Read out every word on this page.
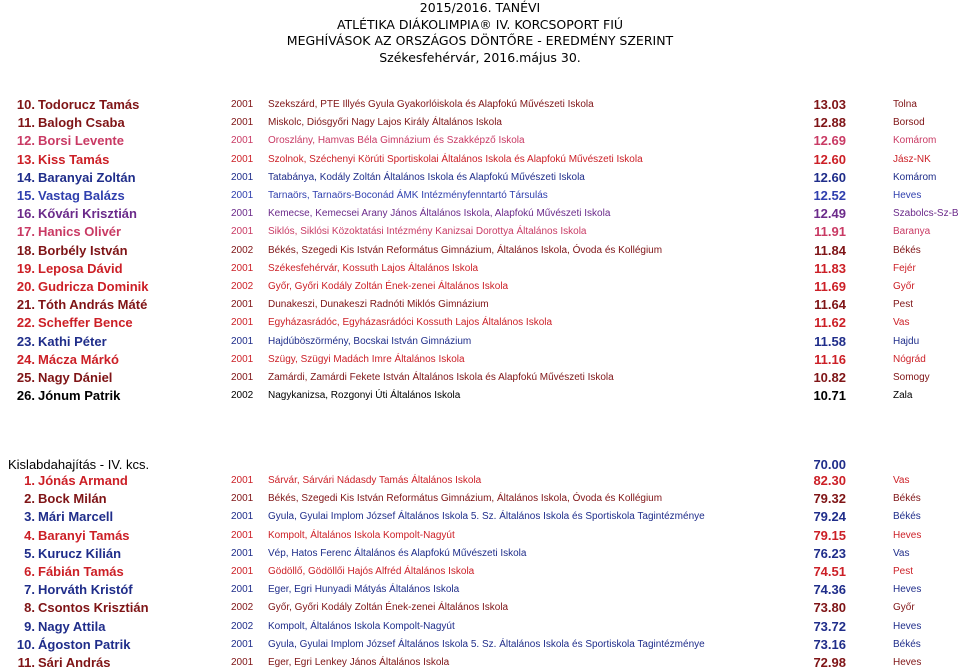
2015/2016. TANÉVI
ATLÉTIKA DIÁKOLIMPIA® IV. KORCSOPORT FIÚ
MEGHÍVÁSOK AZ ORSZÁGOS DÖNTŐRE - EREDMÉNY SZERINT
Székesfehérvár, 2016.május 30.
10. Todorucz Tamás	2001 Szekszárd, PTE Illyés Gyula Gyakorlóiskola és Alapfokú Művészeti Iskola	13.03	Tolna
11. Balogh Csaba	2001 Miskolc, Diósgyőri Nagy Lajos Király Általános Iskola	12.88	Borsod
12. Borsi Levente	2001 Oroszlány, Hamvas Béla Gimnázium és Szakképző Iskola	12.69	Komárom
13. Kiss Tamás	2001 Szolnok, Széchenyi Körúti Sportiskolai Általános Iskola és Alapfokú Művészeti Iskola	12.60	Jász-NK
14. Baranyai Zoltán	2001 Tatabánya, Kodály Zoltán Általános Iskola és Alapfokú Művészeti Iskola	12.60	Komárom
15. Vastag Balázs	2001 Tarnaörs, Tarnaörs-Boconád ÁMK Intézményfenntartó Társulás	12.52	Heves
16. Kővári Krisztián	2001 Kemecse, Kemecsei Arany János Általános Iskola, Alapfokú Művészeti Iskola	12.49	Szabolcs-Sz-B
17. Hanics Olivér	2001 Siklós, Siklósi Közoktatási Intézmény Kanizsai Dorottya Általános Iskola	11.91	Baranya
18. Borbély István	2002 Békés, Szegedi Kis István Református Gimnázium, Általános Iskola, Óvoda és Kollégium	11.84	Békés
19. Leposa Dávid	2001 Székesfehérvár, Kossuth Lajos Általános Iskola	11.83	Fejér
20. Gudricza Dominik	2002 Győr, Győri Kodály Zoltán Ének-zenei Általános Iskola	11.69	Győr
21. Tóth András Máté	2001 Dunakeszi, Dunakeszi Radnóti Miklós Gimnázium	11.64	Pest
22. Scheffer Bence	2001 Egyházasrádóc, Egyházasrádóci Kossuth Lajos Általános Iskola	11.62	Vas
23. Kathi Péter	2001 Hajdúböszörmény, Bocskai István Gimnázium	11.58	Hajdu
24. Mácza Márkó	2001 Szügy, Szügyi Madách Imre Általános Iskola	11.16	Nógrád
25. Nagy Dániel	2001 Zamárdi, Zamárdi Fekete István Általános Iskola és Alapfokú Művészeti Iskola	10.82	Somogy
26. Jónum Patrik	2002 Nagykanizsa, Rozgonyi Úti Általános Iskola	10.71	Zala
Kislabdahajítás - IV. kcs.	70.00
1. Jónás Armand	2001 Sárvár, Sárvári Nádasdy Tamás Általános Iskola	82.30	Vas
2. Bock Milán	2001 Békés, Szegedi Kis István Református Gimnázium, Általános Iskola, Óvoda és Kollégium	79.32	Békés
3. Mári Marcell	2001 Gyula, Gyulai Implom József Általános Iskola 5. Sz. Általános Iskola és Sportiskola Tagintézménye	79.24	Békés
4. Baranyi Tamás	2001 Kompolt, Általános Iskola Kompolt-Nagyút	79.15	Heves
5. Kurucz Kilián	2001 Vép, Hatos Ferenc Általános és Alapfokú Művészeti Iskola	76.23	Vas
6. Fábián Tamás	2001 Gödöllő, Gödöllői Hajós Alfréd Általános Iskola	74.51	Pest
7. Horváth Kristóf	2001 Eger, Egri Hunyadi Mátyás Általános Iskola	74.36	Heves
8. Csontos Krisztián	2002 Győr, Győri Kodály Zoltán Ének-zenei Általános Iskola	73.80	Győr
9. Nagy Attila	2002 Kompolt, Általános Iskola Kompolt-Nagyút	73.72	Heves
10. Ágoston Patrik	2001 Gyula, Gyulai Implom József Általános Iskola 5. Sz. Általános Iskola és Sportiskola Tagintézménye	73.16	Békés
11. Sári András	2001 Eger, Egri Lenkey János Általános Iskola	72.98	Heves
